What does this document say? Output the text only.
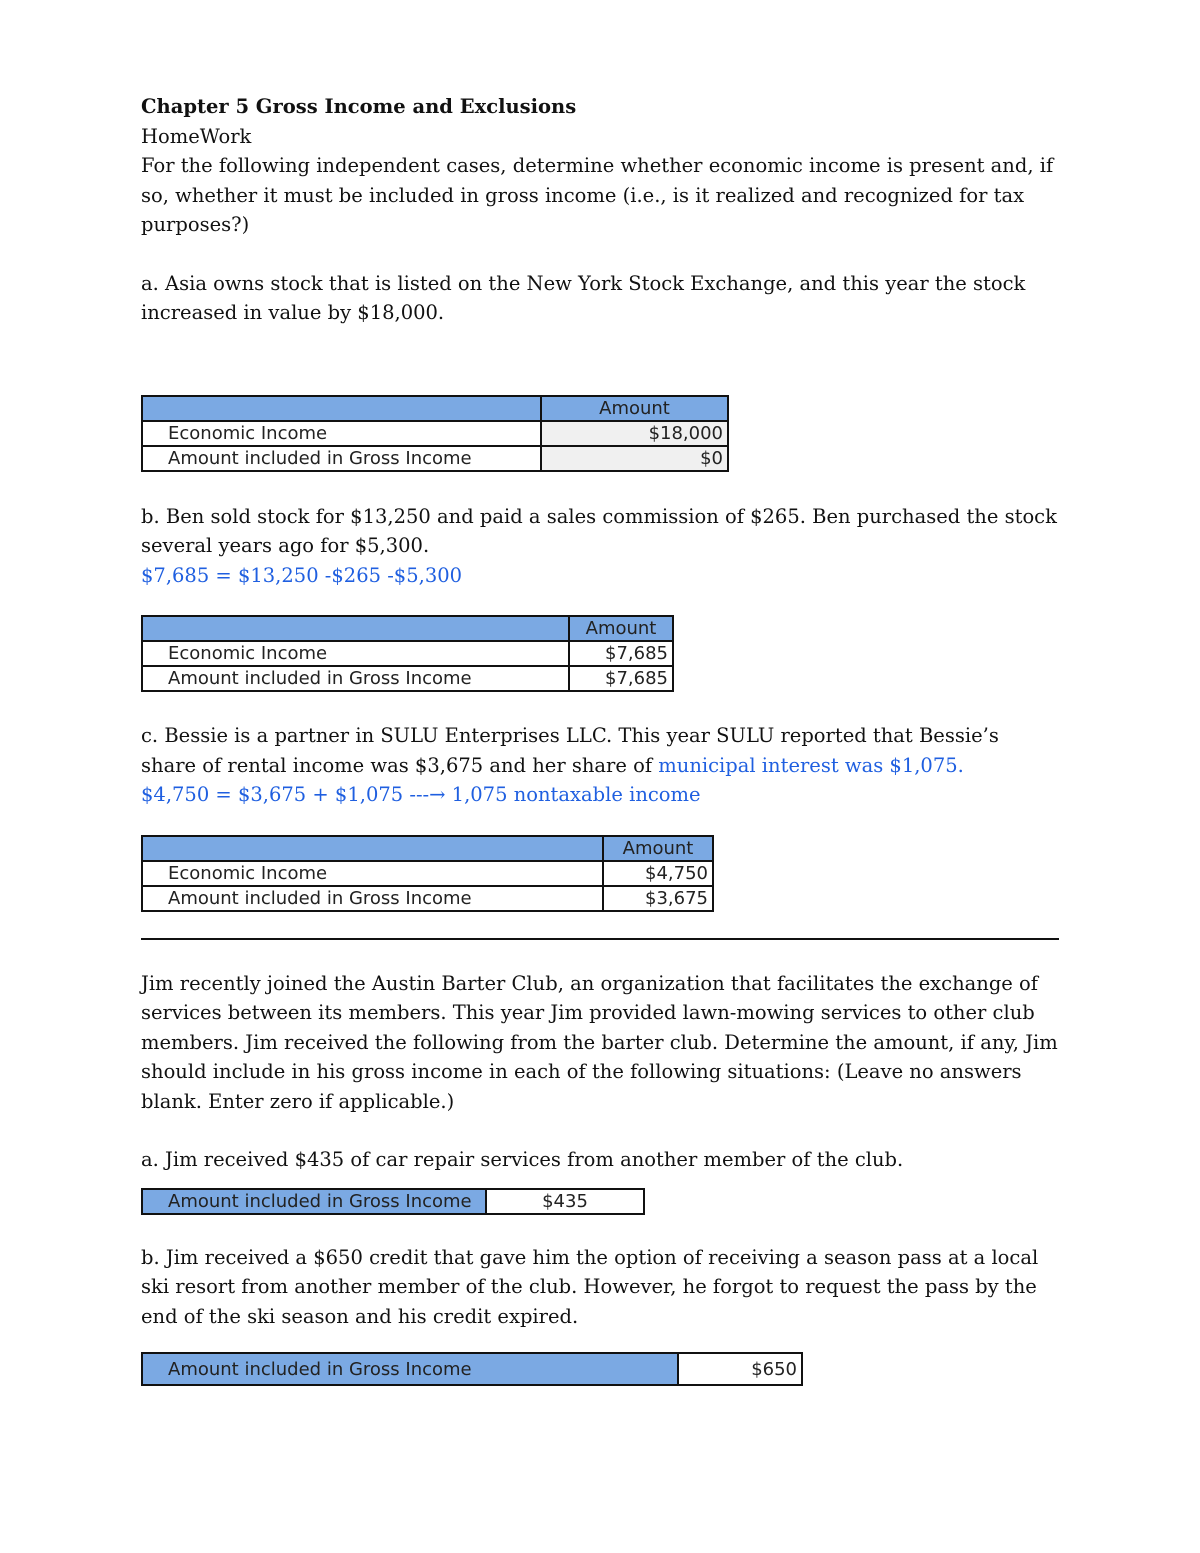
Chapter 5 Gross Income and Exclusions

HomeWork

For the following independent cases, determine whether economic income is present and, if so, whether it must be included in gross income (i.e., is it realized and recognized for tax purposes?)

a. Asia owns stock that is listed on the New York Stock Exchange, and this year the stock increased in value by $18,000.

	Amount
Economic Income	$18,000
Amount included in Gross Income	$0

b. Ben sold stock for $13,250 and paid a sales commission of $265. Ben purchased the stock several years ago for $5,300.

$7,685 = $13,250 -$265 -$5,300

	Amount
Economic Income	$7,685
Amount included in Gross Income	$7,685

c. Bessie is a partner in SULU Enterprises LLC. This year SULU reported that Bessie’s share of rental income was $3,675 and her share of municipal interest was $1,075.

$4,750 = $3,675 + $1,075 ---→ 1,075 nontaxable income

	Amount
Economic Income	$4,750
Amount included in Gross Income	$3,675

Jim recently joined the Austin Barter Club, an organization that facilitates the exchange of services between its members. This year Jim provided lawn-mowing services to other club members. Jim received the following from the barter club. Determine the amount, if any, Jim should include in his gross income in each of the following situations: (Leave no answers blank. Enter zero if applicable.)

a. Jim received $435 of car repair services from another member of the club.

Amount included in Gross Income	$435

b. Jim received a $650 credit that gave him the option of receiving a season pass at a local ski resort from another member of the club. However, he forgot to request the pass by the end of the ski season and his credit expired.

Amount included in Gross Income	$650
